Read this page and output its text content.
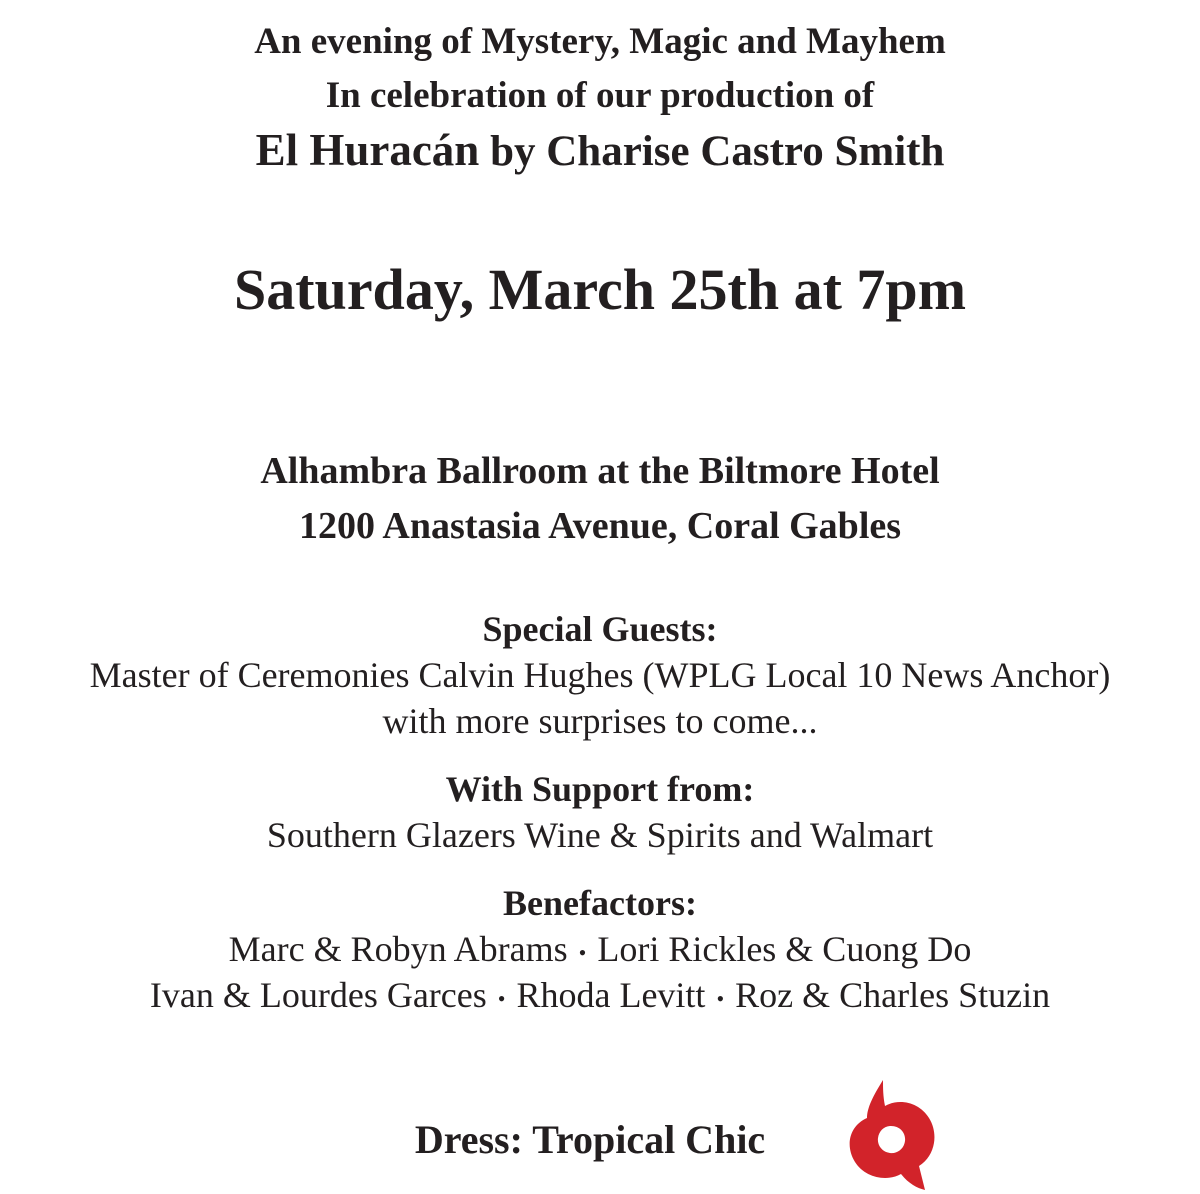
An evening of Mystery, Magic and Mayhem

In celebration of our production of

El Huracán by Charise Castro Smith

Saturday, March 25th at 7pm

Alhambra Ballroom at the Biltmore Hotel

1200 Anastasia Avenue, Coral Gables

Special Guests:

Master of Ceremonies Calvin Hughes (WPLG Local 10 News Anchor)

with more surprises to come...

With Support from:

Southern Glazers Wine & Spirits and Walmart

Benefactors:

Marc & Robyn Abrams • Lori Rickles & Cuong Do

Ivan & Lourdes Garces • Rhoda Levitt • Roz & Charles Stuzin

Dress: Tropical Chic
